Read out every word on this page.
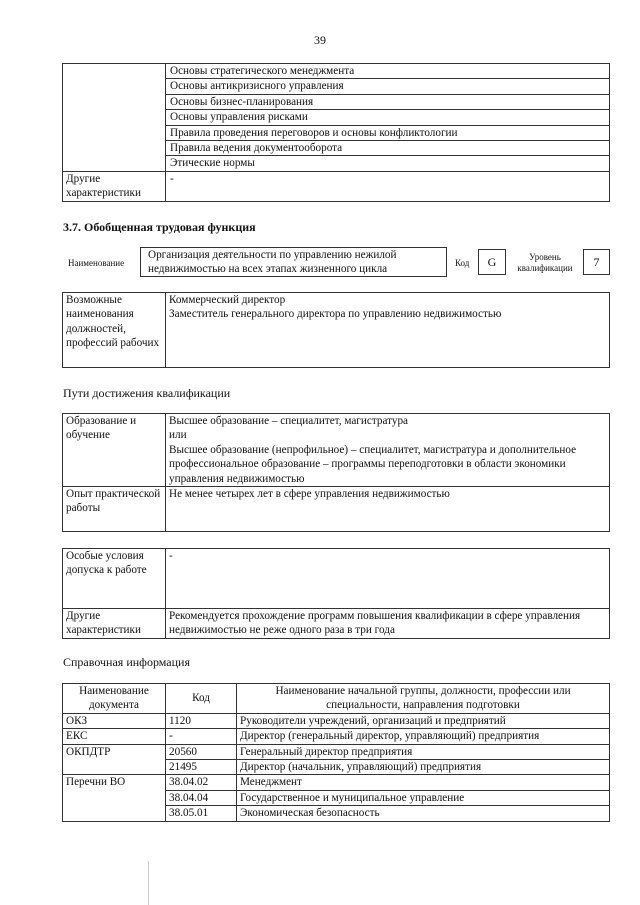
39
	Основы стратегического менеджмента
	Основы антикризисного управления
	Основы бизнес-планирования
	Основы управления рисками
	Правила проведения переговоров и основы конфликтологии
	Правила ведения документооборота
	Этические нормы
Другие характеристики	-
3.7. Обобщенная трудовая функция
Наименование
Организация деятельности по управлению нежилой недвижимостью на всех этапах жизненного цикла
Код	G	Уровень квалификации	7
Возможные наименования должностей, профессий рабочих	
Коммерческий директор
Заместитель генерального директора по управлению недвижимостью
Пути достижения квалификации
Образование и обучение	Высшее образование – специалитет, магистратура
или
Высшее образование (непрофильное) – специалитет, магистратура и дополнительное профессиональное образование – программы переподготовки в области экономики управления недвижимостью

Опыт практической работы	Не менее четырех лет в сфере управления недвижимостью
Особые условия допуска к работе	-
Другие характеристики	Рекомендуется прохождение программ повышения квалификации в сфере управления недвижимостью не реже одного раза в три года
Справочная информация
Наименование документа	Код	Наименование начальной группы, должности, профессии или специальности, направления подготовки
ОКЗ	1120	Руководители учреждений, организаций и предприятий
ЕКС	-	Директор (генеральный директор, управляющий) предприятия
ОКПДТР	20560	Генеральный директор предприятия
	21495	Директор (начальник, управляющий) предприятия
Перечни ВО	38.04.02	Менеджмент
	38.04.04	Государственное и муниципальное управление
	38.05.01	Экономическая безопасность
